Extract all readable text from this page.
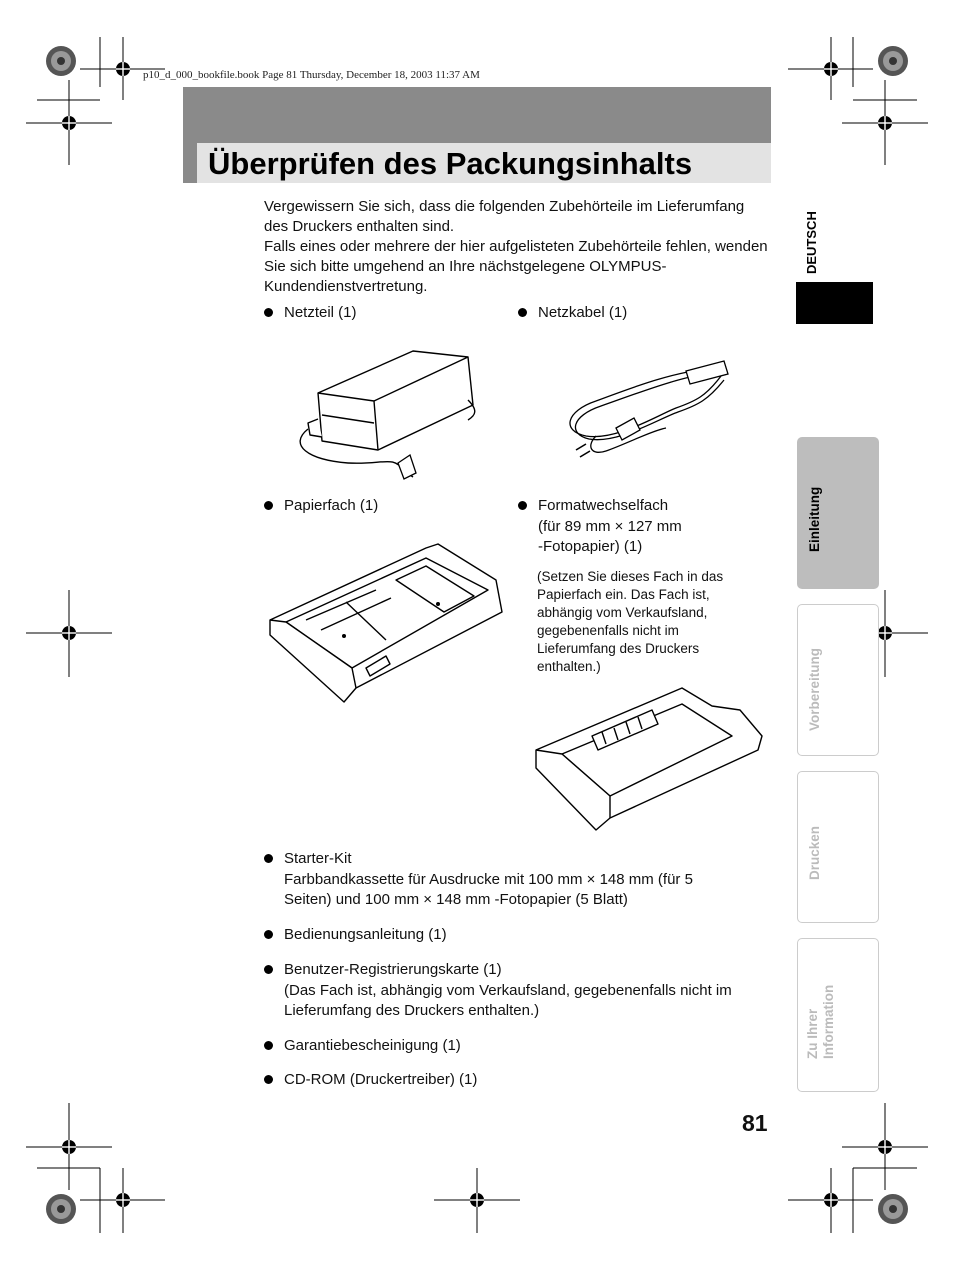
p10_d_000_bookfile.book Page 81 Thursday, December 18, 2003 11:37 AM
Überprüfen des Packungsinhalts

Vergewissern Sie sich, dass die folgenden Zubehörteile im Lieferumfang des Druckers enthalten sind.

Falls eines oder mehrere der hier aufgelisteten Zubehörteile fehlen, wenden Sie sich bitte umgehend an Ihre nächstgelegene OLYMPUS-Kundendienstvertretung.

Netzteil (1)	Netzkabel (1)
Papierfach (1)	Formatwechselfach
(für 89 mm × 127 mm
-Fotopapier) (1)
(Setzen Sie dieses Fach in das
Papierfach ein. Das Fach ist,
abhängig vom Verkaufsland,
gegebenenfalls nicht im
Lieferumfang des Druckers
enthalten.)
Starter-Kit
Farbbandkassette für Ausdrucke mit 100 mm × 148 mm (für 5
Seiten) und 100 mm × 148 mm -Fotopapier (5 Blatt)
Bedienungsanleitung (1)
Benutzer-Registrierungskarte (1)
(Das Fach ist, abhängig vom Verkaufsland, gegebenenfalls nicht im
Lieferumfang des Druckers enthalten.)
Garantiebescheinigung (1)
CD-ROM (Druckertreiber) (1)
81
DEUTSCH
Einleitung
Vorbereitung
Drucken
Zu Ihrer Information
